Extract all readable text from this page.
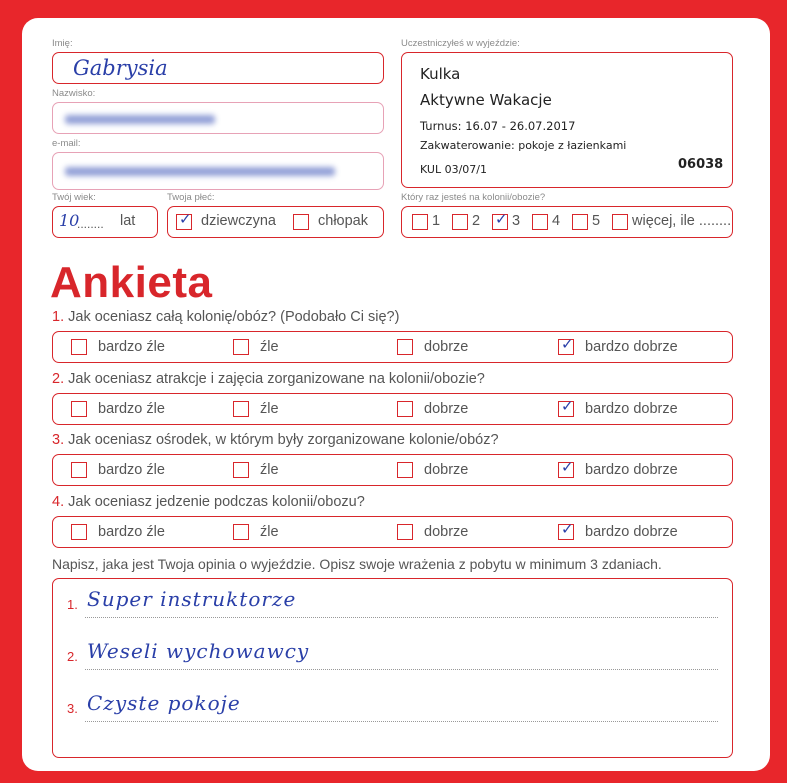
Imię:
Gabrysia
Nazwisko:
e-mail:
Twój wiek:
10
........ lat
Twoja płeć:
✓ dziewczyna	chłopak
Uczestniczyłeś w wyjeździe:
Kulka
Aktywne Wakacje
Turnus: 16.07 - 26.07.2017
Zakwaterowanie: pokoje z łazienkami
KUL 03/07/1	06038
Który raz jesteś na kolonii/obozie?
1 2 ✓ 3 4 5 więcej, ile ........
Ankieta
1. Jak oceniasz całą kolonię/obóz? (Podobało Ci się?)
bardzo źle	źle	dobrze	✓ bardzo dobrze
2. Jak oceniasz atrakcje i zajęcia zorganizowane na kolonii/obozie?
bardzo źle	źle	dobrze	✓ bardzo dobrze
3. Jak oceniasz ośrodek, w którym były zorganizowane kolonie/obóz?
bardzo źle	źle	dobrze	✓ bardzo dobrze
4. Jak oceniasz jedzenie podczas kolonii/obozu?
bardzo źle	źle	dobrze	✓ bardzo dobrze
Napisz, jaka jest Twoja opinia o wyjeździe. Opisz swoje wrażenia z pobytu w minimum 3 zdaniach.
1. Super instruktorze
2. Weseli wychowawcy
3. Czyste pokoje
